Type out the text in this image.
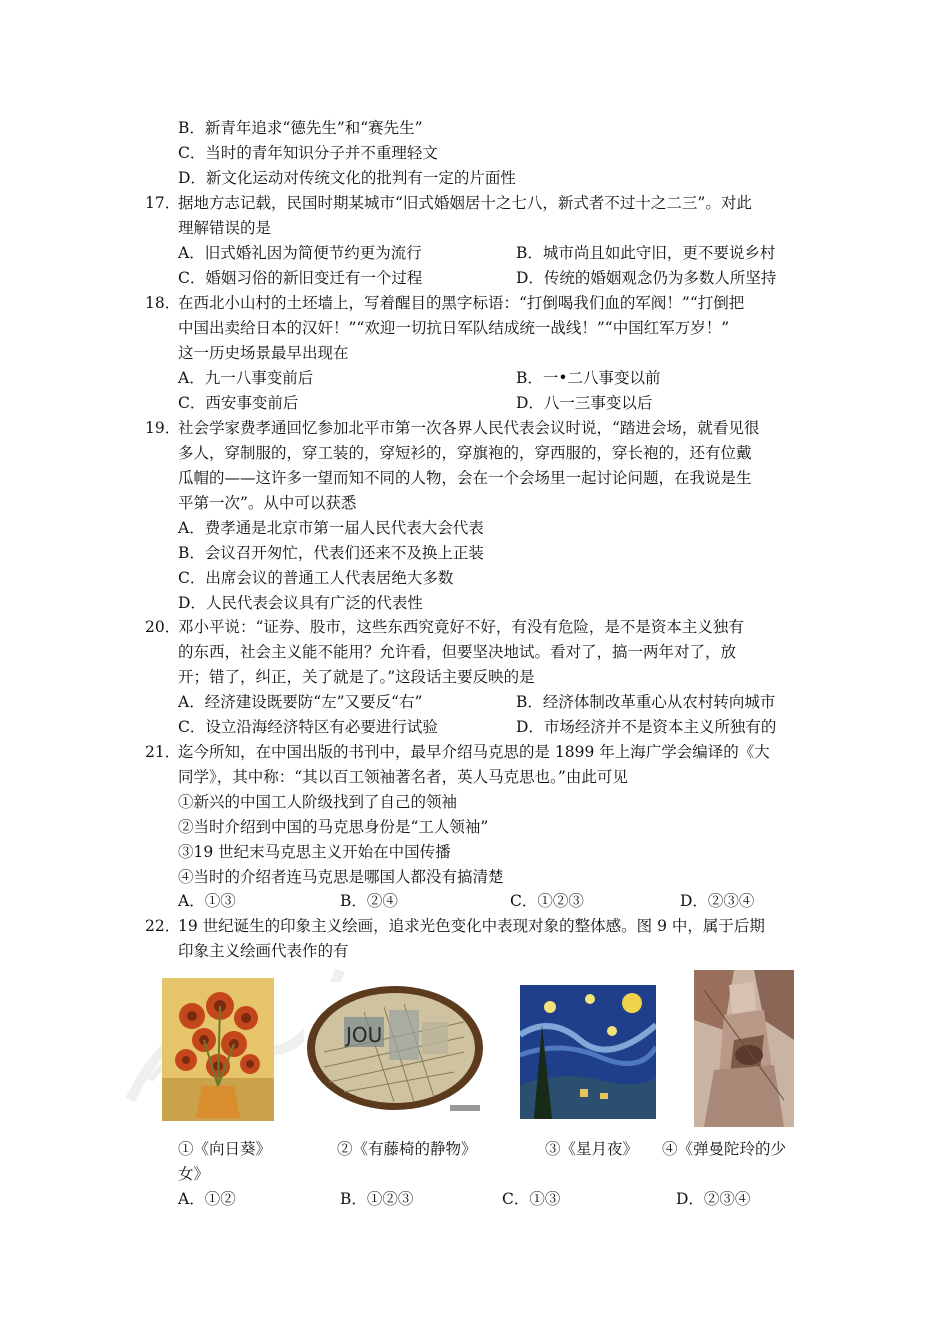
B．新青年追求“德先生”和“赛先生”
C．当时的青年知识分子并不重理轻文
D．新文化运动对传统文化的批判有一定的片面性
17．
据地方志记载，民国时期某城市“旧式婚姻居十之七八，新式者不过十之二三”。对此
理解错误的是
A．旧式婚礼因为简便节约更为流行	B．城市尚且如此守旧，更不要说乡村
C．婚姻习俗的新旧变迁有一个过程	D．传统的婚姻观念仍为多数人所坚持
18．
在西北小山村的土坯墙上，写着醒目的黑字标语：“打倒喝我们血的军阀！”“打倒把
中国出卖给日本的汉奸！”“欢迎一切抗日军队结成统一战线！”“中国红军万岁！”
这一历史场景最早出现在
A．九一八事变前后	B．一•二八事变以前
C．西安事变前后	D．八一三事变以后
19．
社会学家费孝通回忆参加北平市第一次各界人民代表会议时说，“踏进会场，就看见很
多人，穿制服的，穿工装的，穿短衫的，穿旗袍的，穿西服的，穿长袍的，还有位戴
瓜帽的——这许多一望而知不同的人物，会在一个会场里一起讨论问题，在我说是生
平第一次”。从中可以获悉
A．费孝通是北京市第一届人民代表大会代表
B．会议召开匆忙，代表们还来不及换上正装
C．出席会议的普通工人代表居绝大多数
D．人民代表会议具有广泛的代表性
20．
邓小平说：“证券、股市，这些东西究竟好不好，有没有危险，是不是资本主义独有
的东西，社会主义能不能用？允许看，但要坚决地试。看对了，搞一两年对了，放
开；错了，纠正，关了就是了。”这段话主要反映的是
A．经济建设既要防“左”又要反“右”	B．经济体制改革重心从农村转向城市
C．设立沿海经济特区有必要进行试验	D．市场经济并不是资本主义所独有的
21．
迄今所知，在中国出版的书刊中，最早介绍马克思的是 1899 年上海广学会编译的《大
同学》，其中称：“其以百工领袖著名者，英人马克思也。”由此可见
①新兴的中国工人阶级找到了自己的领袖
②当时介绍到中国的马克思身份是“工人领袖”
③19 世纪末马克思主义开始在中国传播
④当时的介绍者连马克思是哪国人都没有搞清楚
A．①③	B．②④	C．①②③	D．②③④
22．
19 世纪诞生的印象主义绘画，追求光色变化中表现对象的整体感。图 9 中，属于后期
印象主义绘画代表作的有
JOU
①《向日葵》	②《有藤椅的静物》	③《星月夜》 ④《弹曼陀玲的少
女》
A．①②	B．①②③	C．①③	D．②③④
